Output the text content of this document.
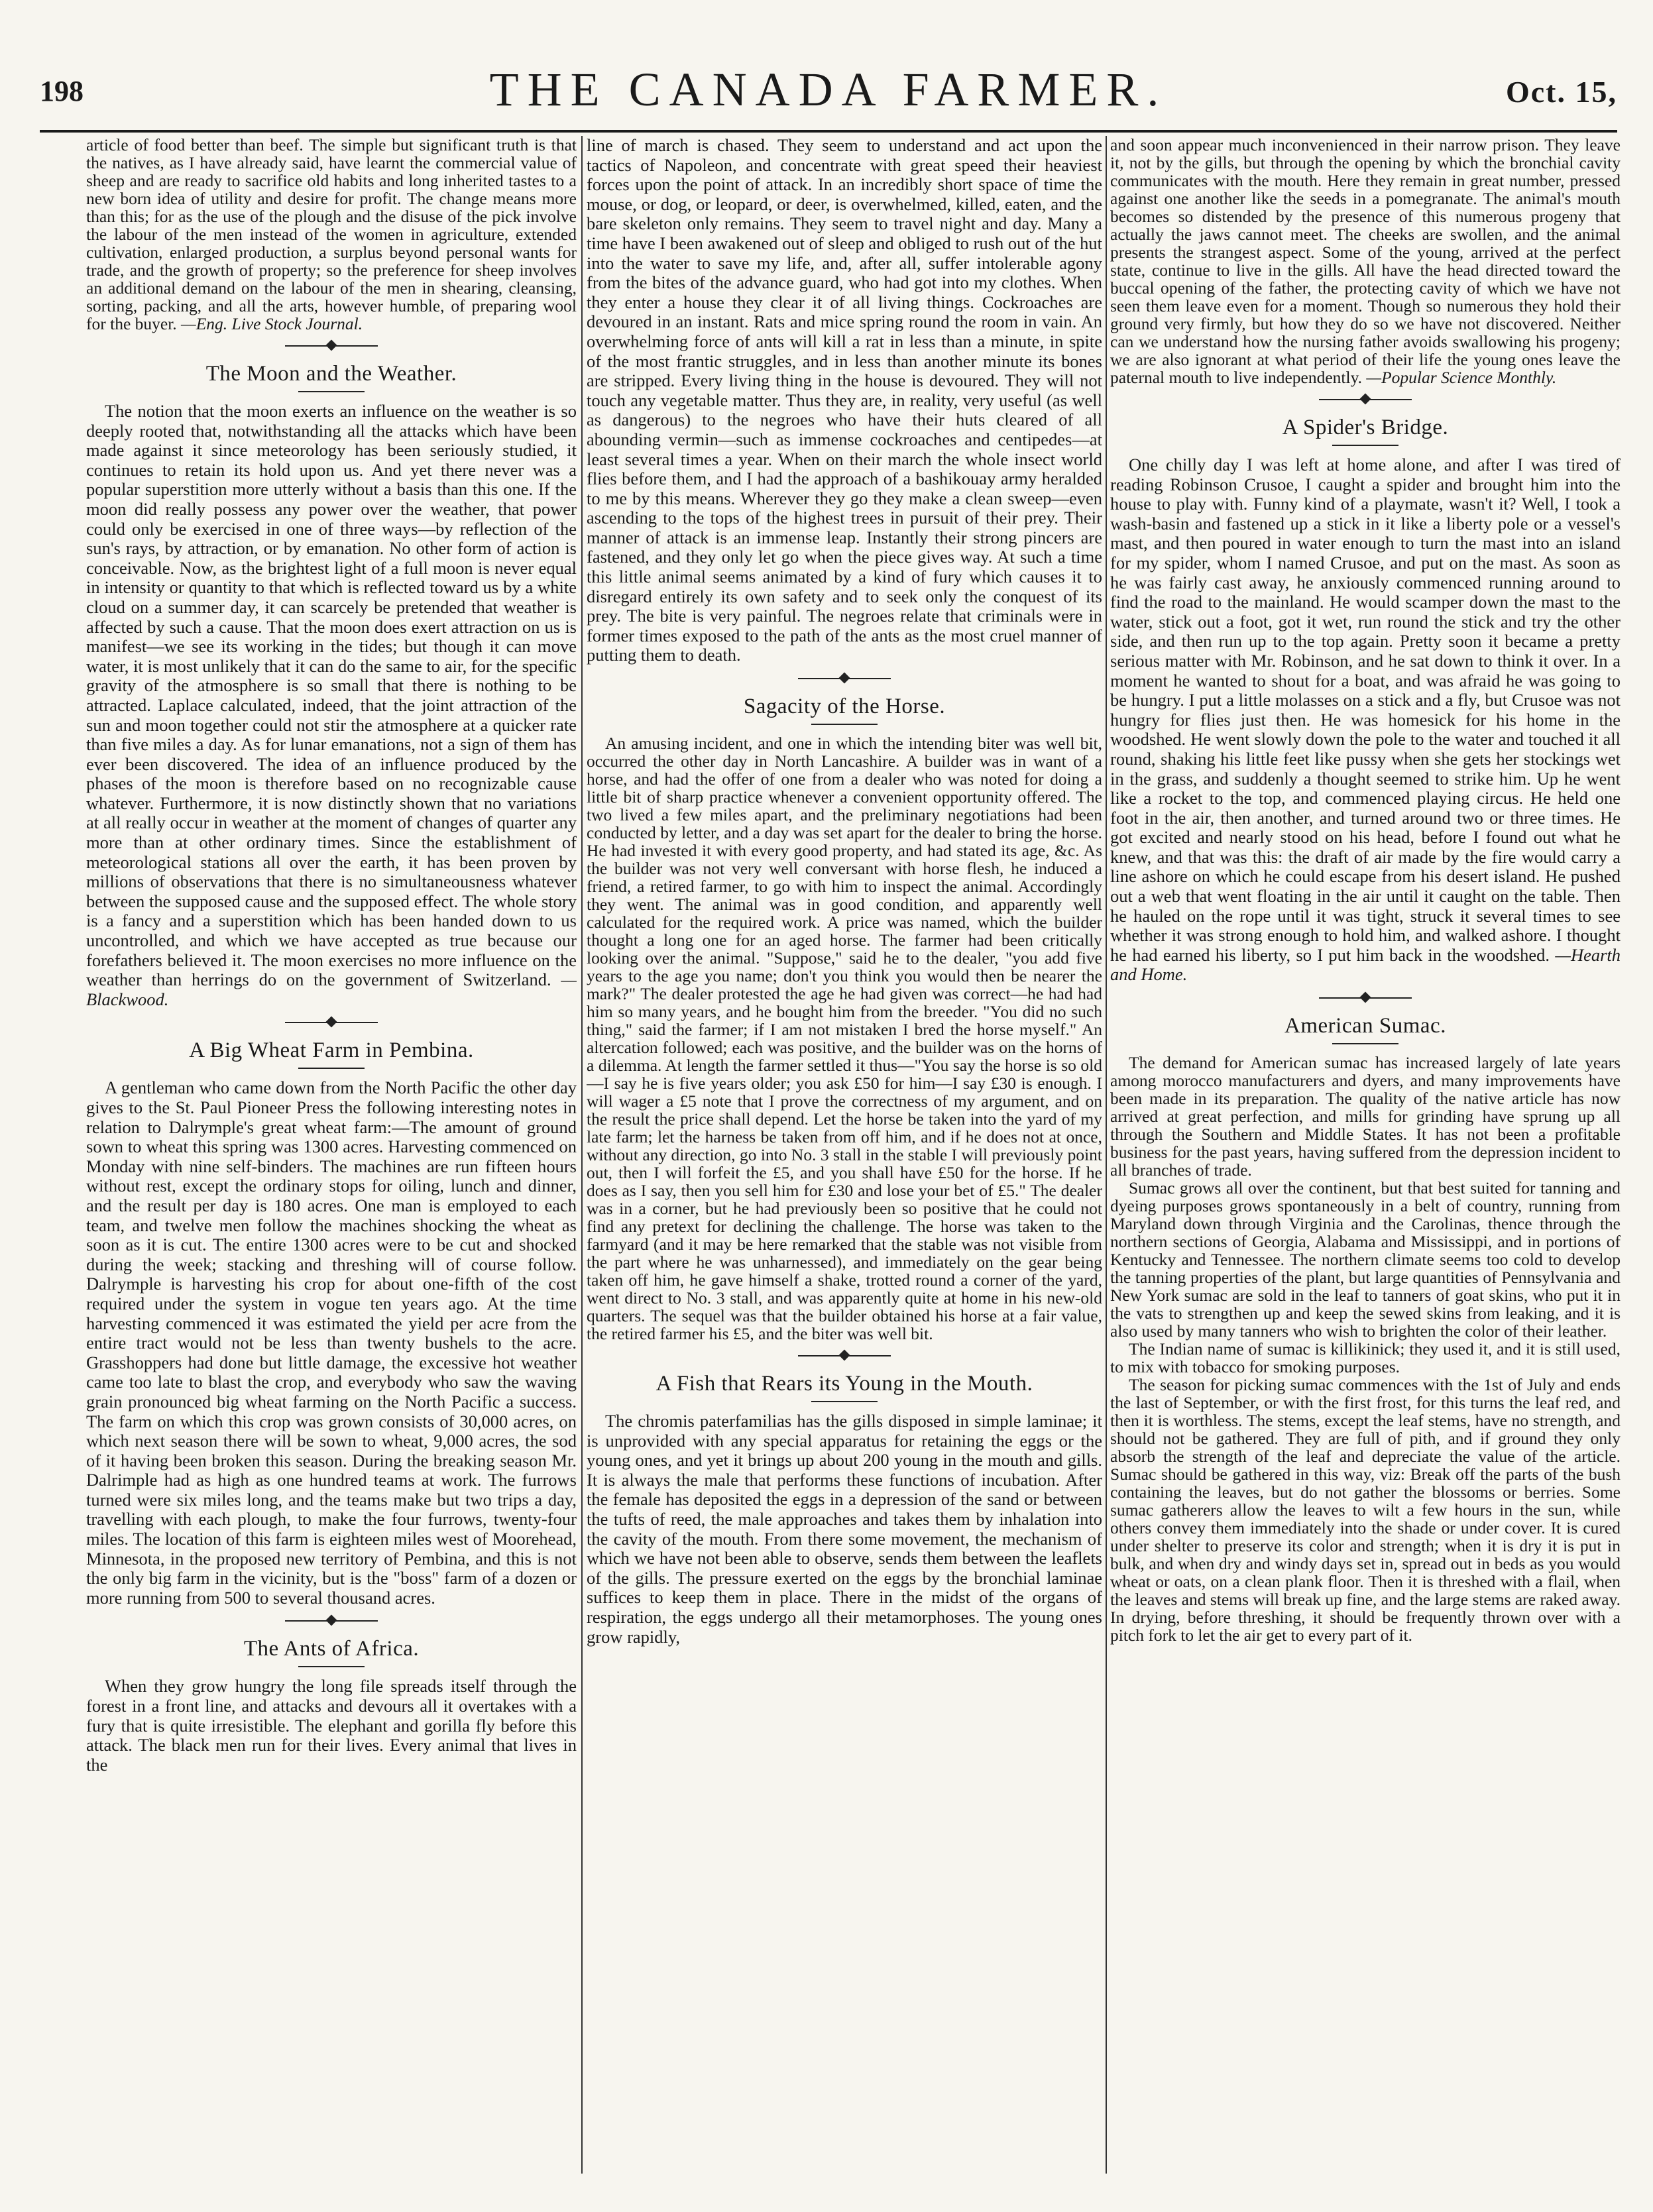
198	THE CANADA FARMER.	Oct. 15,

article of food better than beef. The simple but significant truth is that the natives, as I have already said, have learnt the commercial value of sheep and are ready to sacrifice old habits and long inherited tastes to a new born idea of utility and desire for profit. The change means more than this; for as the use of the plough and the disuse of the pick involve the labour of the men instead of the women in agriculture, extended cultivation, enlarged production, a surplus beyond personal wants for trade, and the growth of property; so the preference for sheep involves an additional demand on the labour of the men in shearing, cleansing, sorting, packing, and all the arts, however humble, of preparing wool for the buyer. —Eng. Live Stock Journal.

The Moon and the Weather.

The notion that the moon exerts an influence on the weather is so deeply rooted that, notwithstanding all the attacks which have been made against it since meteorology has been seriously studied, it continues to retain its hold upon us. And yet there never was a popular superstition more utterly without a basis than this one. If the moon did really possess any power over the weather, that power could only be exercised in one of three ways—by reflection of the sun's rays, by attraction, or by emanation. No other form of action is conceivable. Now, as the brightest light of a full moon is never equal in intensity or quantity to that which is reflected toward us by a white cloud on a summer day, it can scarcely be pretended that weather is affected by such a cause. That the moon does exert attraction on us is manifest—we see its working in the tides; but though it can move water, it is most unlikely that it can do the same to air, for the specific gravity of the atmosphere is so small that there is nothing to be attracted. Laplace calculated, indeed, that the joint attraction of the sun and moon together could not stir the atmosphere at a quicker rate than five miles a day. As for lunar emanations, not a sign of them has ever been discovered. The idea of an influence produced by the phases of the moon is therefore based on no recognizable cause whatever. Furthermore, it is now distinctly shown that no variations at all really occur in weather at the moment of changes of quarter any more than at other ordinary times. Since the establishment of meteorological stations all over the earth, it has been proven by millions of observations that there is no simultaneousness whatever between the supposed cause and the supposed effect. The whole story is a fancy and a superstition which has been handed down to us uncontrolled, and which we have accepted as true because our forefathers believed it. The moon exercises no more influence on the weather than herrings do on the government of Switzerland. —Blackwood.

A Big Wheat Farm in Pembina.

A gentleman who came down from the North Pacific the other day gives to the St. Paul Pioneer Press the following interesting notes in relation to Dalrymple's great wheat farm:—The amount of ground sown to wheat this spring was 1300 acres. Harvesting commenced on Monday with nine self-binders. The machines are run fifteen hours without rest, except the ordinary stops for oiling, lunch and dinner, and the result per day is 180 acres. One man is employed to each team, and twelve men follow the machines shocking the wheat as soon as it is cut. The entire 1300 acres were to be cut and shocked during the week; stacking and threshing will of course follow. Dalrymple is harvesting his crop for about one-fifth of the cost required under the system in vogue ten years ago. At the time harvesting commenced it was estimated the yield per acre from the entire tract would not be less than twenty bushels to the acre. Grasshoppers had done but little damage, the excessive hot weather came too late to blast the crop, and everybody who saw the waving grain pronounced big wheat farming on the North Pacific a success. The farm on which this crop was grown consists of 30,000 acres, on which next season there will be sown to wheat, 9,000 acres, the sod of it having been broken this season. During the breaking season Mr. Dalrimple had as high as one hundred teams at work. The furrows turned were six miles long, and the teams make but two trips a day, travelling with each plough, to make the four furrows, twenty-four miles. The location of this farm is eighteen miles west of Moorehead, Minnesota, in the proposed new territory of Pembina, and this is not the only big farm in the vicinity, but is the "boss" farm of a dozen or more running from 500 to several thousand acres.

The Ants of Africa.

When they grow hungry the long file spreads itself through the forest in a front line, and attacks and devours all it overtakes with a fury that is quite irresistible. The elephant and gorilla fly before this attack. The black men run for their lives. Every animal that lives in the

line of march is chased. They seem to understand and act upon the tactics of Napoleon, and concentrate with great speed their heaviest forces upon the point of attack. In an incredibly short space of time the mouse, or dog, or leopard, or deer, is overwhelmed, killed, eaten, and the bare skeleton only remains. They seem to travel night and day. Many a time have I been awakened out of sleep and obliged to rush out of the hut into the water to save my life, and, after all, suffer intolerable agony from the bites of the advance guard, who had got into my clothes. When they enter a house they clear it of all living things. Cockroaches are devoured in an instant. Rats and mice spring round the room in vain. An overwhelming force of ants will kill a rat in less than a minute, in spite of the most frantic struggles, and in less than another minute its bones are stripped. Every living thing in the house is devoured. They will not touch any vegetable matter. Thus they are, in reality, very useful (as well as dangerous) to the negroes who have their huts cleared of all abounding vermin—such as immense cockroaches and centipedes—at least several times a year. When on their march the whole insect world flies before them, and I had the approach of a bashikouay army heralded to me by this means. Wherever they go they make a clean sweep—even ascending to the tops of the highest trees in pursuit of their prey. Their manner of attack is an immense leap. Instantly their strong pincers are fastened, and they only let go when the piece gives way. At such a time this little animal seems animated by a kind of fury which causes it to disregard entirely its own safety and to seek only the conquest of its prey. The bite is very painful. The negroes relate that criminals were in former times exposed to the path of the ants as the most cruel manner of putting them to death.

Sagacity of the Horse.

An amusing incident, and one in which the intending biter was well bit, occurred the other day in North Lancashire. A builder was in want of a horse, and had the offer of one from a dealer who was noted for doing a little bit of sharp practice whenever a convenient opportunity offered. The two lived a few miles apart, and the preliminary negotiations had been conducted by letter, and a day was set apart for the dealer to bring the horse. He had invested it with every good property, and had stated its age, &c. As the builder was not very well conversant with horse flesh, he induced a friend, a retired farmer, to go with him to inspect the animal. Accordingly they went. The animal was in good condition, and apparently well calculated for the required work. A price was named, which the builder thought a long one for an aged horse. The farmer had been critically looking over the animal. "Suppose," said he to the dealer, "you add five years to the age you name; don't you think you would then be nearer the mark?" The dealer protested the age he had given was correct—he had had him so many years, and he bought him from the breeder. "You did no such thing," said the farmer; if I am not mistaken I bred the horse myself." An altercation followed; each was positive, and the builder was on the horns of a dilemma. At length the farmer settled it thus—"You say the horse is so old—I say he is five years older; you ask £50 for him—I say £30 is enough. I will wager a £5 note that I prove the correctness of my argument, and on the result the price shall depend. Let the horse be taken into the yard of my late farm; let the harness be taken from off him, and if he does not at once, without any direction, go into No. 3 stall in the stable I will previously point out, then I will forfeit the £5, and you shall have £50 for the horse. If he does as I say, then you sell him for £30 and lose your bet of £5." The dealer was in a corner, but he had previously been so positive that he could not find any pretext for declining the challenge. The horse was taken to the farmyard (and it may be here remarked that the stable was not visible from the part where he was unharnessed), and immediately on the gear being taken off him, he gave himself a shake, trotted round a corner of the yard, went direct to No. 3 stall, and was apparently quite at home in his new-old quarters. The sequel was that the builder obtained his horse at a fair value, the retired farmer his £5, and the biter was well bit.

A Fish that Rears its Young in the Mouth.

The chromis paterfamilias has the gills disposed in simple laminae; it is unprovided with any special apparatus for retaining the eggs or the young ones, and yet it brings up about 200 young in the mouth and gills. It is always the male that performs these functions of incubation. After the female has deposited the eggs in a depression of the sand or between the tufts of reed, the male approaches and takes them by inhalation into the cavity of the mouth. From there some movement, the mechanism of which we have not been able to observe, sends them between the leaflets of the gills. The pressure exerted on the eggs by the bronchial laminae suffices to keep them in place. There in the midst of the organs of respiration, the eggs undergo all their metamorphoses. The young ones grow rapidly,

and soon appear much inconvenienced in their narrow prison. They leave it, not by the gills, but through the opening by which the bronchial cavity communicates with the mouth. Here they remain in great number, pressed against one another like the seeds in a pomegranate. The animal's mouth becomes so distended by the presence of this numerous progeny that actually the jaws cannot meet. The cheeks are swollen, and the animal presents the strangest aspect. Some of the young, arrived at the perfect state, continue to live in the gills. All have the head directed toward the buccal opening of the father, the protecting cavity of which we have not seen them leave even for a moment. Though so numerous they hold their ground very firmly, but how they do so we have not discovered. Neither can we understand how the nursing father avoids swallowing his progeny; we are also ignorant at what period of their life the young ones leave the paternal mouth to live independently. —Popular Science Monthly.

A Spider's Bridge.

One chilly day I was left at home alone, and after I was tired of reading Robinson Crusoe, I caught a spider and brought him into the house to play with. Funny kind of a playmate, wasn't it? Well, I took a wash-basin and fastened up a stick in it like a liberty pole or a vessel's mast, and then poured in water enough to turn the mast into an island for my spider, whom I named Crusoe, and put on the mast. As soon as he was fairly cast away, he anxiously commenced running around to find the road to the mainland. He would scamper down the mast to the water, stick out a foot, got it wet, run round the stick and try the other side, and then run up to the top again. Pretty soon it became a pretty serious matter with Mr. Robinson, and he sat down to think it over. In a moment he wanted to shout for a boat, and was afraid he was going to be hungry. I put a little molasses on a stick and a fly, but Crusoe was not hungry for flies just then. He was homesick for his home in the woodshed. He went slowly down the pole to the water and touched it all round, shaking his little feet like pussy when she gets her stockings wet in the grass, and suddenly a thought seemed to strike him. Up he went like a rocket to the top, and commenced playing circus. He held one foot in the air, then another, and turned around two or three times. He got excited and nearly stood on his head, before I found out what he knew, and that was this: the draft of air made by the fire would carry a line ashore on which he could escape from his desert island. He pushed out a web that went floating in the air until it caught on the table. Then he hauled on the rope until it was tight, struck it several times to see whether it was strong enough to hold him, and walked ashore. I thought he had earned his liberty, so I put him back in the woodshed. —Hearth and Home.

American Sumac.

The demand for American sumac has increased largely of late years among morocco manufacturers and dyers, and many improvements have been made in its preparation. The quality of the native article has now arrived at great perfection, and mills for grinding have sprung up all through the Southern and Middle States. It has not been a profitable business for the past years, having suffered from the depression incident to all branches of trade.

Sumac grows all over the continent, but that best suited for tanning and dyeing purposes grows spontaneously in a belt of country, running from Maryland down through Virginia and the Carolinas, thence through the northern sections of Georgia, Alabama and Mississippi, and in portions of Kentucky and Tennessee. The northern climate seems too cold to develop the tanning properties of the plant, but large quantities of Pennsylvania and New York sumac are sold in the leaf to tanners of goat skins, who put it in the vats to strengthen up and keep the sewed skins from leaking, and it is also used by many tanners who wish to brighten the color of their leather.

The Indian name of sumac is killikinick; they used it, and it is still used, to mix with tobacco for smoking purposes.

The season for picking sumac commences with the 1st of July and ends the last of September, or with the first frost, for this turns the leaf red, and then it is worthless. The stems, except the leaf stems, have no strength, and should not be gathered. They are full of pith, and if ground they only absorb the strength of the leaf and depreciate the value of the article. Sumac should be gathered in this way, viz: Break off the parts of the bush containing the leaves, but do not gather the blossoms or berries. Some sumac gatherers allow the leaves to wilt a few hours in the sun, while others convey them immediately into the shade or under cover. It is cured under shelter to preserve its color and strength; when it is dry it is put in bulk, and when dry and windy days set in, spread out in beds as you would wheat or oats, on a clean plank floor. Then it is threshed with a flail, when the leaves and stems will break up fine, and the large stems are raked away. In drying, before threshing, it should be frequently thrown over with a pitch fork to let the air get to every part of it.
